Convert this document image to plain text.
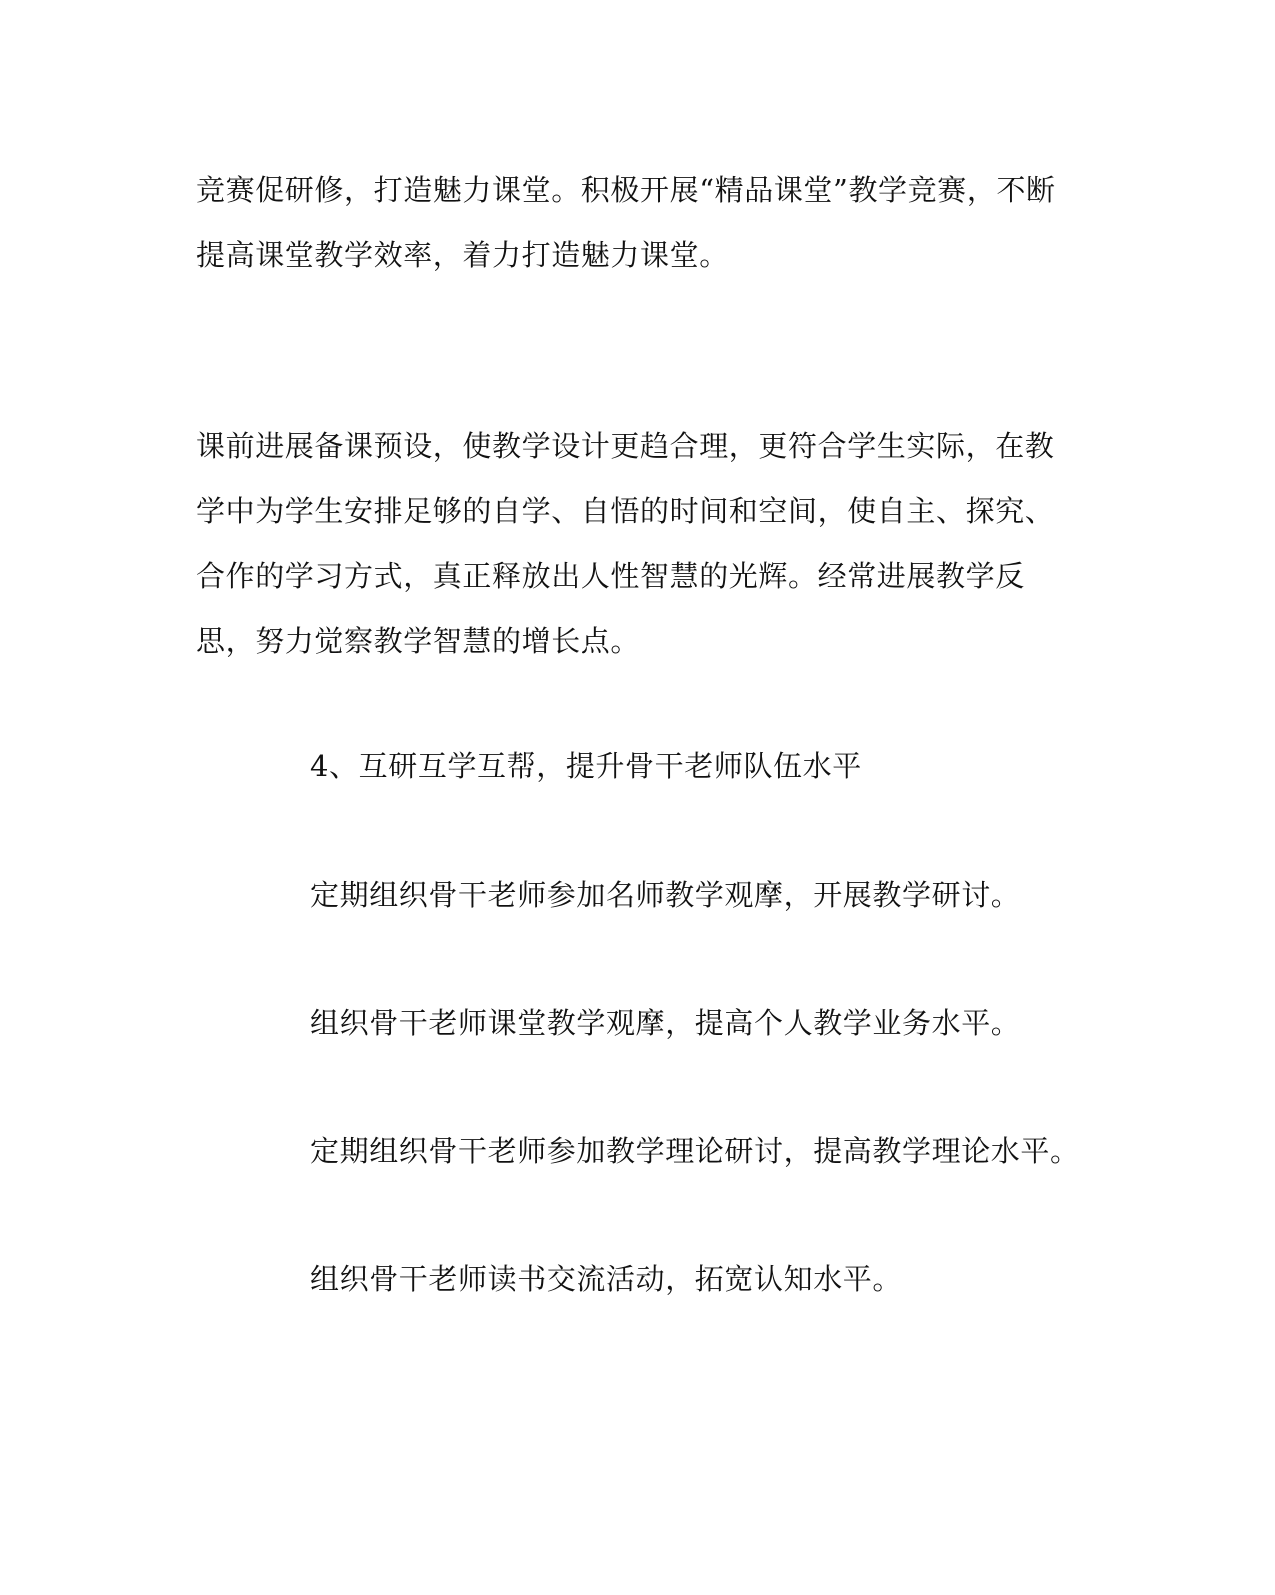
竞赛促研修，打造魅力课堂。积极开展“精品课堂”教学竞赛，不断提高课堂教学效率，着力打造魅力课堂。

课前进展备课预设，使教学设计更趋合理，更符合学生实际，在教学中为学生安排足够的自学、自悟的时间和空间，使自主、探究、合作的学习方式，真正释放出人性智慧的光辉。经常进展教学反思，努力觉察教学智慧的增长点。

4、互研互学互帮，提升骨干老师队伍水平

定期组织骨干老师参加名师教学观摩，开展教学研讨。

组织骨干老师课堂教学观摩，提高个人教学业务水平。

定期组织骨干老师参加教学理论研讨，提高教学理论水平。

组织骨干老师读书交流活动，拓宽认知水平。
